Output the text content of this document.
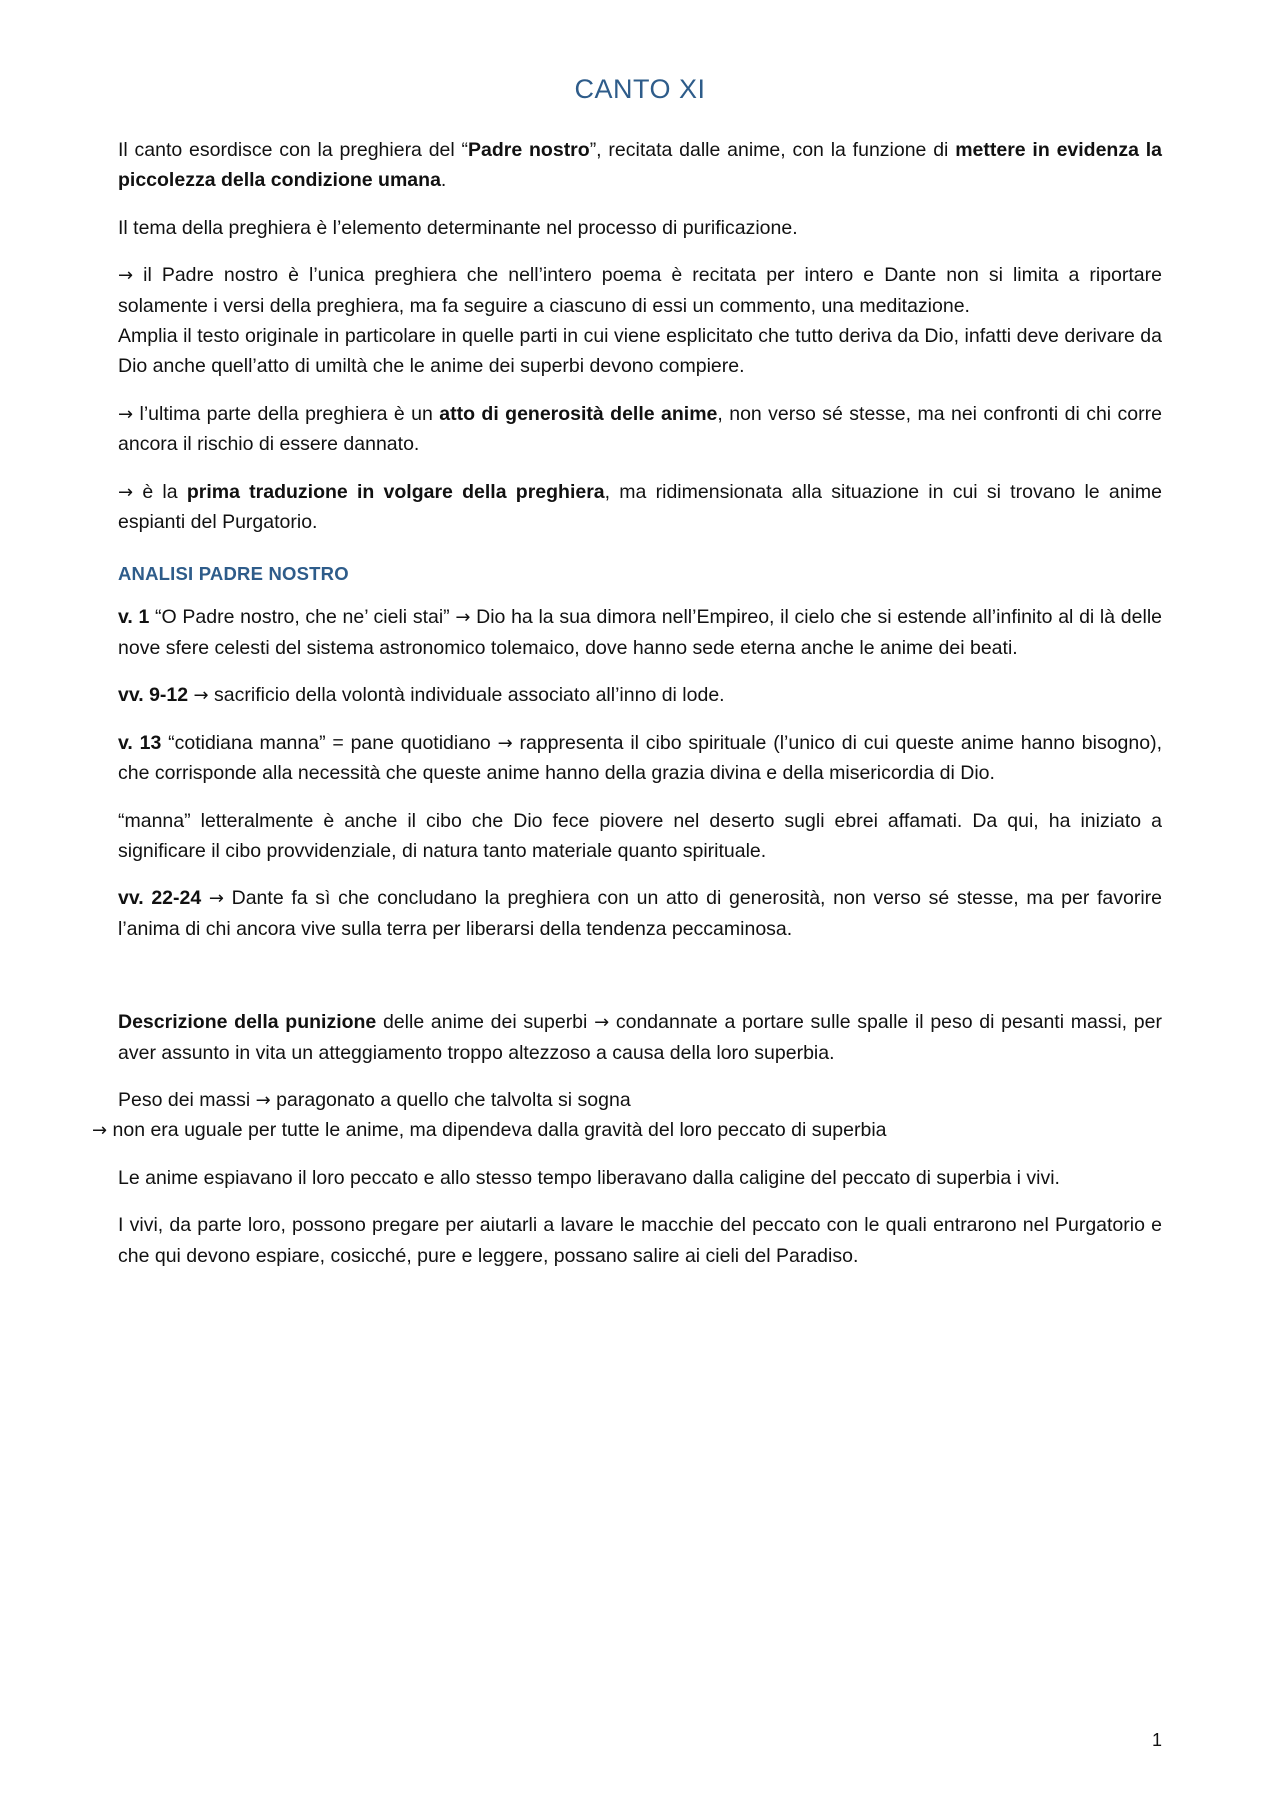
CANTO XI

Il canto esordisce con la preghiera del “Padre nostro”, recitata dalle anime, con la funzione di mettere in evidenza la piccolezza della condizione umana.

Il tema della preghiera è l’elemento determinante nel processo di purificazione.

→ il Padre nostro è l’unica preghiera che nell’intero poema è recitata per intero e Dante non si limita a riportare solamente i versi della preghiera, ma fa seguire a ciascuno di essi un commento, una meditazione.

Amplia il testo originale in particolare in quelle parti in cui viene esplicitato che tutto deriva da Dio, infatti deve derivare da Dio anche quell’atto di umiltà che le anime dei superbi devono compiere.

→ l’ultima parte della preghiera è un atto di generosità delle anime, non verso sé stesse, ma nei confronti di chi corre ancora il rischio di essere dannato.

→ è la prima traduzione in volgare della preghiera, ma ridimensionata alla situazione in cui si trovano le anime espianti del Purgatorio.

ANALISI PADRE NOSTRO

v. 1 “O Padre nostro, che ne’ cieli stai” → Dio ha la sua dimora nell’Empireo, il cielo che si estende all’infinito al di là delle nove sfere celesti del sistema astronomico tolemaico, dove hanno sede eterna anche le anime dei beati.

vv. 9-12 → sacrificio della volontà individuale associato all’inno di lode.

v. 13 “cotidiana manna” = pane quotidiano → rappresenta il cibo spirituale (l’unico di cui queste anime hanno bisogno), che corrisponde alla necessità che queste anime hanno della grazia divina e della misericordia di Dio.

“manna” letteralmente è anche il cibo che Dio fece piovere nel deserto sugli ebrei affamati. Da qui, ha iniziato a significare il cibo provvidenziale, di natura tanto materiale quanto spirituale.

vv. 22-24 → Dante fa sì che concludano la preghiera con un atto di generosità, non verso sé stesse, ma per favorire l’anima di chi ancora vive sulla terra per liberarsi della tendenza peccaminosa.

Descrizione della punizione delle anime dei superbi → condannate a portare sulle spalle il peso di pesanti massi, per aver assunto in vita un atteggiamento troppo altezzoso a causa della loro superbia.

Peso dei massi → paragonato a quello che talvolta si sogna

→ non era uguale per tutte le anime, ma dipendeva dalla gravità del loro peccato di superbia

Le anime espiavano il loro peccato e allo stesso tempo liberavano dalla caligine del peccato di superbia i vivi.

I vivi, da parte loro, possono pregare per aiutarli a lavare le macchie del peccato con le quali entrarono nel Purgatorio e che qui devono espiare, cosicché, pure e leggere, possano salire ai cieli del Paradiso.

1
